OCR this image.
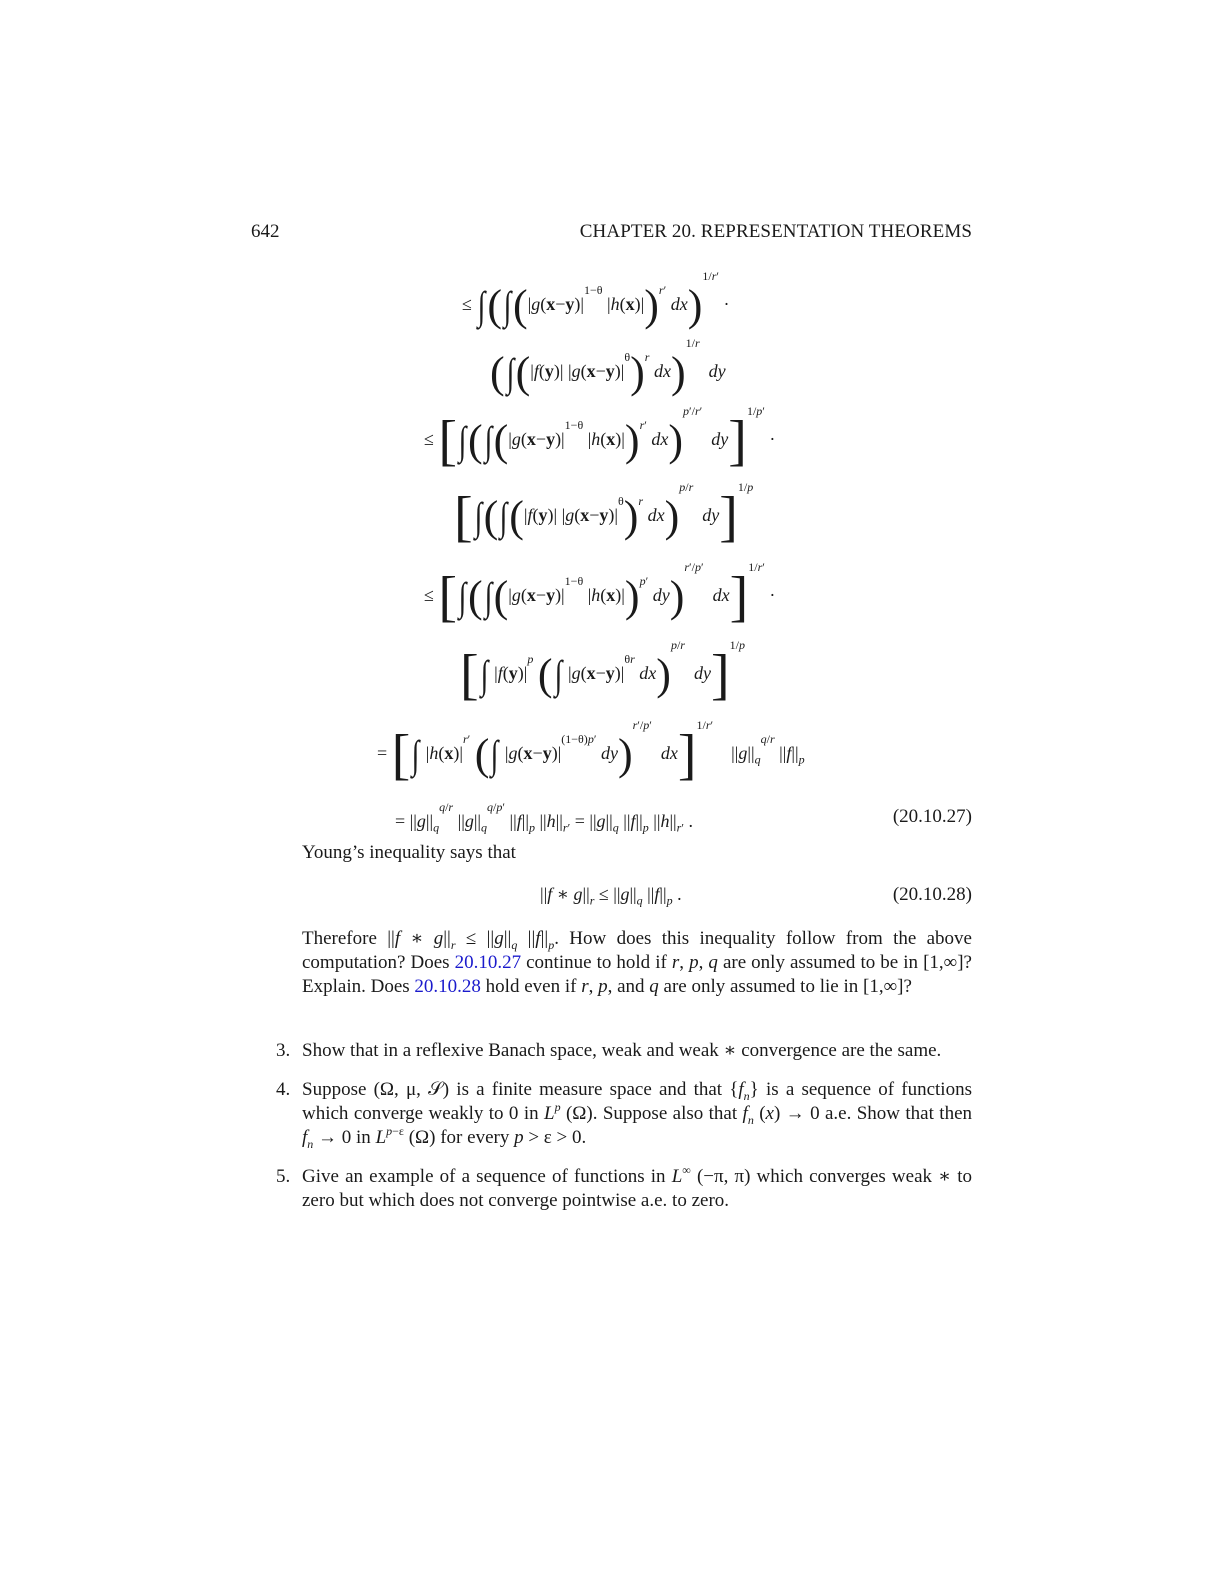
642	CHAPTER 20. REPRESENTATION THEOREMS
≤ $\int(\int(|g(x-y)|^{1-\theta}$ |h(x)|)$^{r'}$ dx)$^{1/r'}$ ·
(∫(|f(y)| $|g(x-y)|^\theta)^r$ dx)$^{1/r}$  dy
≤ [$\int(\int(|g(x-y)|^{1-\theta}$ |h(x)|)$^{r'}$ dx)$^{p'/r'}$  dy]$^{1/p'}$ ·
[∫(∫(|f(y)| $|g(x-y)|^\theta)^r$ dx)$^{p/r}$  dy]$^{1/p}$
≤ [$\int(\int(|g(x-y)|^{1-\theta}$ |h(x)|)$^{p'}$ dy)$^{r'/p'}$  dx]$^{1/r'}$ ·
[∫ $|f(y)|^p$ (∫ $|g(x-y)|^{\theta r}$ dx)$^{p/r}$  dy]$^{1/p}$
= [∫ $|h(x)|^{r'}$ (∫ $|g(x-y)|^{(1-\theta)p'}$ dy)$^{r'/p'}$  dx]$^{1/r'}$    $||g||_q^{q/r}$ $||f||_p$
= $||g||_q^{q/r}$ $||g||_q^{q/p'}$ $||f||_p$ $||h||_{r'} = ||g||_q$ $||f||_p$ $||h||_{r'}$ .	(20.10.27)
Young’s inequality says that
||f ∗ $g||_r \le ||g||_q$ $||f||_p$ .	(20.10.28)
Therefore ||f ∗ $g||_r \le ||g||_q$ $||f||_p$. How does this inequality follow from the above computation? Does 20.10.27 continue to hold if r, p, q are only assumed to be in [1,∞]? Explain. Does 20.10.28 hold even if r, p, and q are only assumed to lie in [1,∞]?
3. Show that in a reflexive Banach space, weak and weak ∗ convergence are the same.
4. Suppose (Ω, μ, 𝒮) is a finite measure space and that $\{f_n\}$ is a sequence of functions which converge weakly to 0 in $L^p$ (Ω). Suppose also that $f_n$ (x) → 0 a.e. Show that then $f_n \to 0$ in $L^{p-\varepsilon}$ (Ω) for every p > ε > 0.
5. Give an example of a sequence of functions in L∞ (−π, π) which converges weak ∗ to zero but which does not converge pointwise a.e. to zero.
